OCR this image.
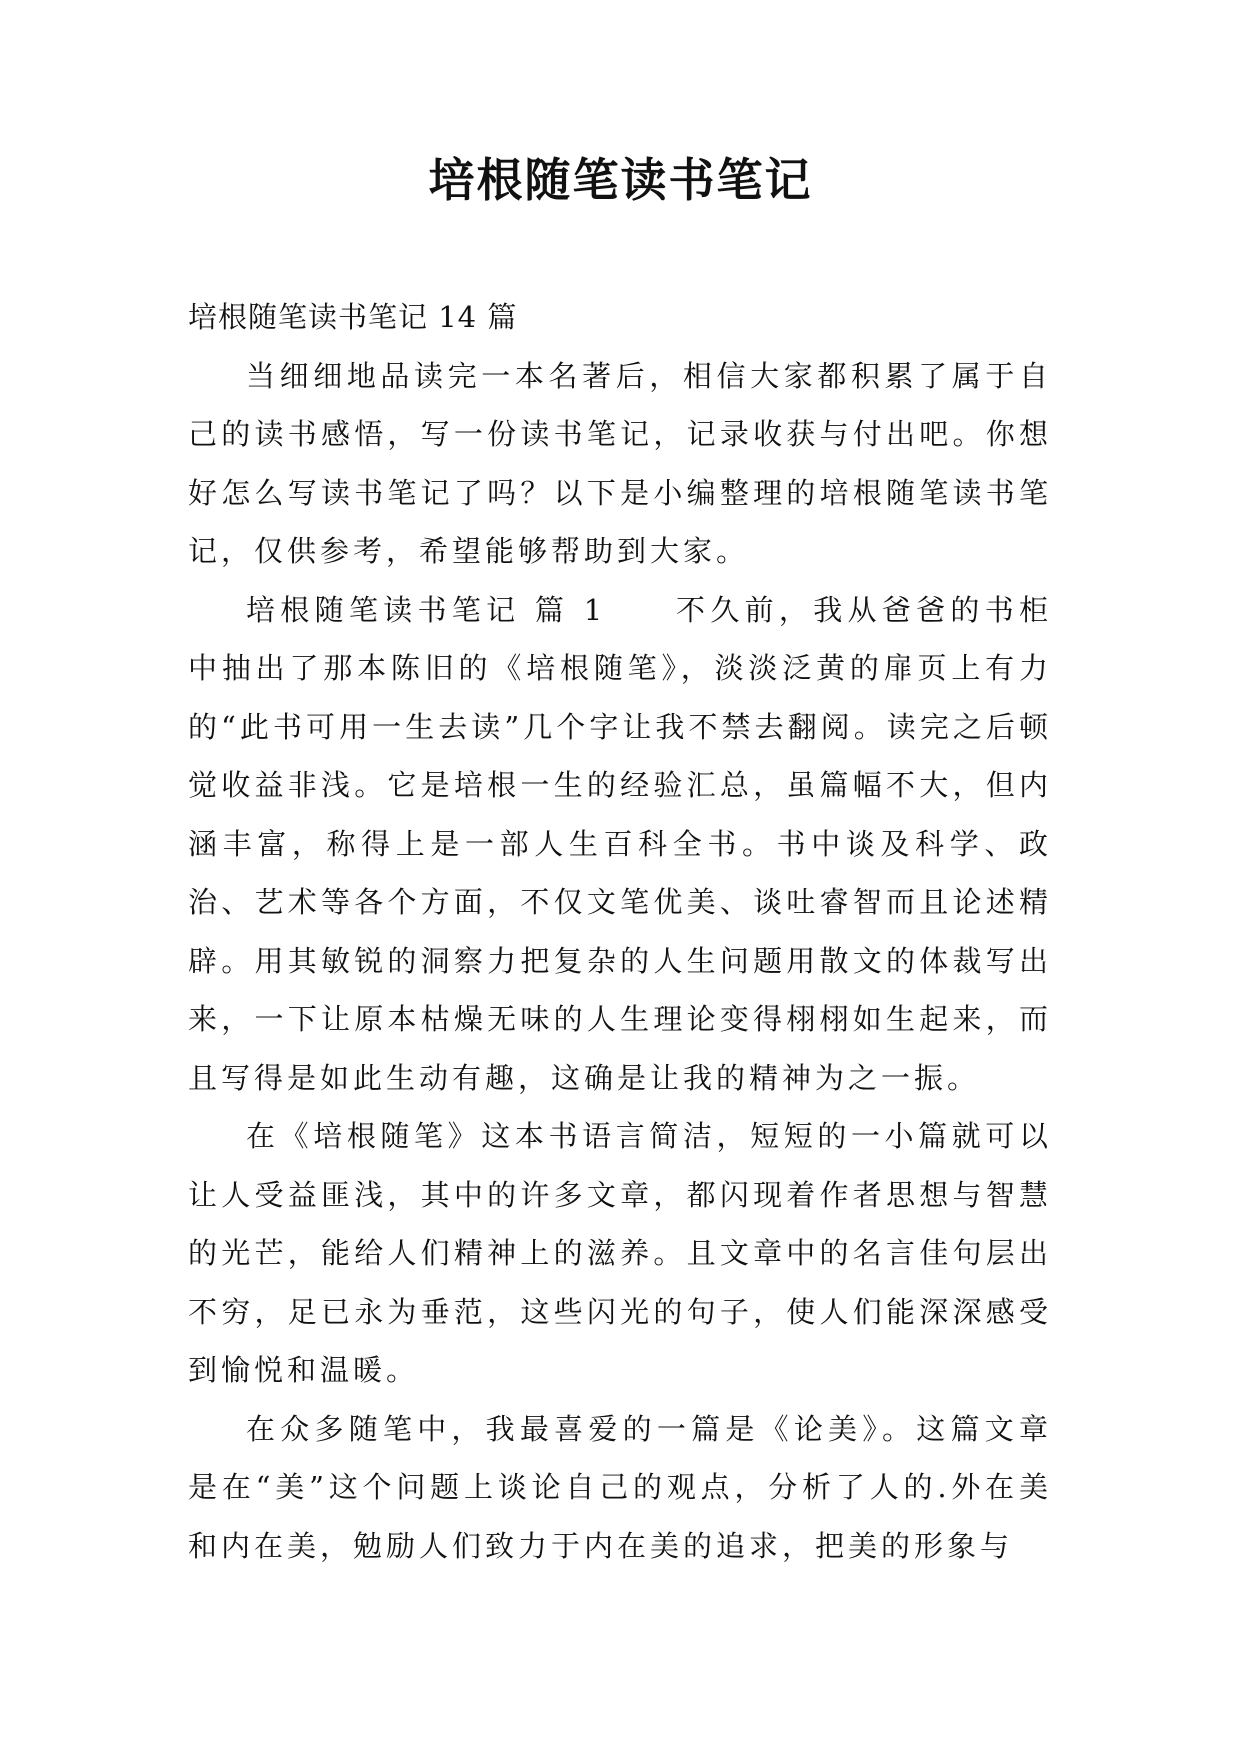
培根随笔读书笔记

培根随笔读书笔记 14 篇

当细细地品读完一本名著后，相信大家都积累了属于自己的读书感悟，写一份读书笔记，记录收获与付出吧。你想好怎么写读书笔记了吗？以下是小编整理的培根随笔读书笔记，仅供参考，希望能够帮助到大家。

培根随笔读书笔记 篇 1　　不久前，我从爸爸的书柜中抽出了那本陈旧的《培根随笔》，淡淡泛黄的扉页上有力的“此书可用一生去读”几个字让我不禁去翻阅。读完之后顿觉收益非浅。它是培根一生的经验汇总，虽篇幅不大，但内涵丰富，称得上是一部人生百科全书。书中谈及科学、政治、艺术等各个方面，不仅文笔优美、谈吐睿智而且论述精辟。用其敏锐的洞察力把复杂的人生问题用散文的体裁写出来，一下让原本枯燥无味的人生理论变得栩栩如生起来，而且写得是如此生动有趣，这确是让我的精神为之一振。

在《培根随笔》这本书语言简洁，短短的一小篇就可以让人受益匪浅，其中的许多文章，都闪现着作者思想与智慧的光芒，能给人们精神上的滋养。且文章中的名言佳句层出不穷，足已永为垂范，这些闪光的句子，使人们能深深感受到愉悦和温暖。

在众多随笔中，我最喜爱的一篇是《论美》。这篇文章是在“美”这个问题上谈论自己的观点，分析了人的.外在美和内在美，勉励人们致力于内在美的追求，把美的形象与
